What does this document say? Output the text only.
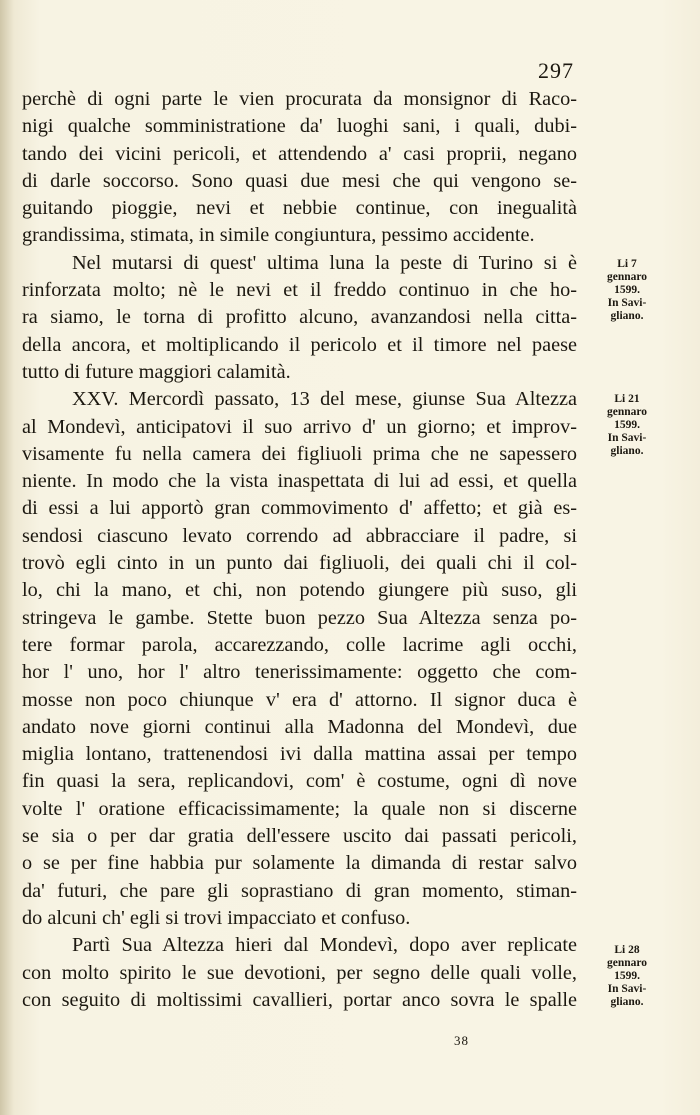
297
perchè di ogni parte le vien procurata da monsignor di Raco-
nigi qualche somministratione da' luoghi sani, i quali, dubi-
tando dei vicini pericoli, et attendendo a' casi proprii, negano
di darle soccorso. Sono quasi due mesi che qui vengono se-
guitando pioggie, nevi et nebbie continue, con inegualità
grandissima, stimata, in simile congiuntura, pessimo accidente.
Nel mutarsi di quest' ultima luna la peste di Turino si è
rinforzata molto; nè le nevi et il freddo continuo in che ho-
ra siamo, le torna di profitto alcuno, avanzandosi nella citta-
della ancora, et moltiplicando il pericolo et il timore nel paese
tutto di future maggiori calamità.
XXV. Mercordì passato, 13 del mese, giunse Sua Altezza
al Mondevì, anticipatovi il suo arrivo d' un giorno; et improv-
visamente fu nella camera dei figliuoli prima che ne sapessero
niente. In modo che la vista inaspettata di lui ad essi, et quella
di essi a lui apportò gran commovimento d' affetto; et già es-
sendosi ciascuno levato correndo ad abbracciare il padre, si
trovò egli cinto in un punto dai figliuoli, dei quali chi il col-
lo, chi la mano, et chi, non potendo giungere più suso, gli
stringeva le gambe. Stette buon pezzo Sua Altezza senza po-
tere formar parola, accarezzando, colle lacrime agli occhi,
hor l' uno, hor l' altro tenerissimamente: oggetto che com-
mosse non poco chiunque v' era d' attorno. Il signor duca è
andato nove giorni continui alla Madonna del Mondevì, due
miglia lontano, trattenendosi ivi dalla mattina assai per tempo
fin quasi la sera, replicandovi, com' è costume, ogni dì nove
volte l' oratione efficacissimamente; la quale non si discerne
se sia o per dar gratia dell'essere uscito dai passati pericoli,
o se per fine habbia pur solamente la dimanda di restar salvo
da' futuri, che pare gli soprastiano di gran momento, stiman-
do alcuni ch' egli si trovi impacciato et confuso.
Partì Sua Altezza hieri dal Mondevì, dopo aver replicate
con molto spirito le sue devotioni, per segno delle quali volle,
con seguito di moltissimi cavallieri, portar anco sovra le spalle
Li 7
gennaro
1599.
In Savi-
gliano.
Li 21
gennaro
1599.
In Savi-
gliano.
Li 28
gennaro
1599.
In Savi-
gliano.
38
